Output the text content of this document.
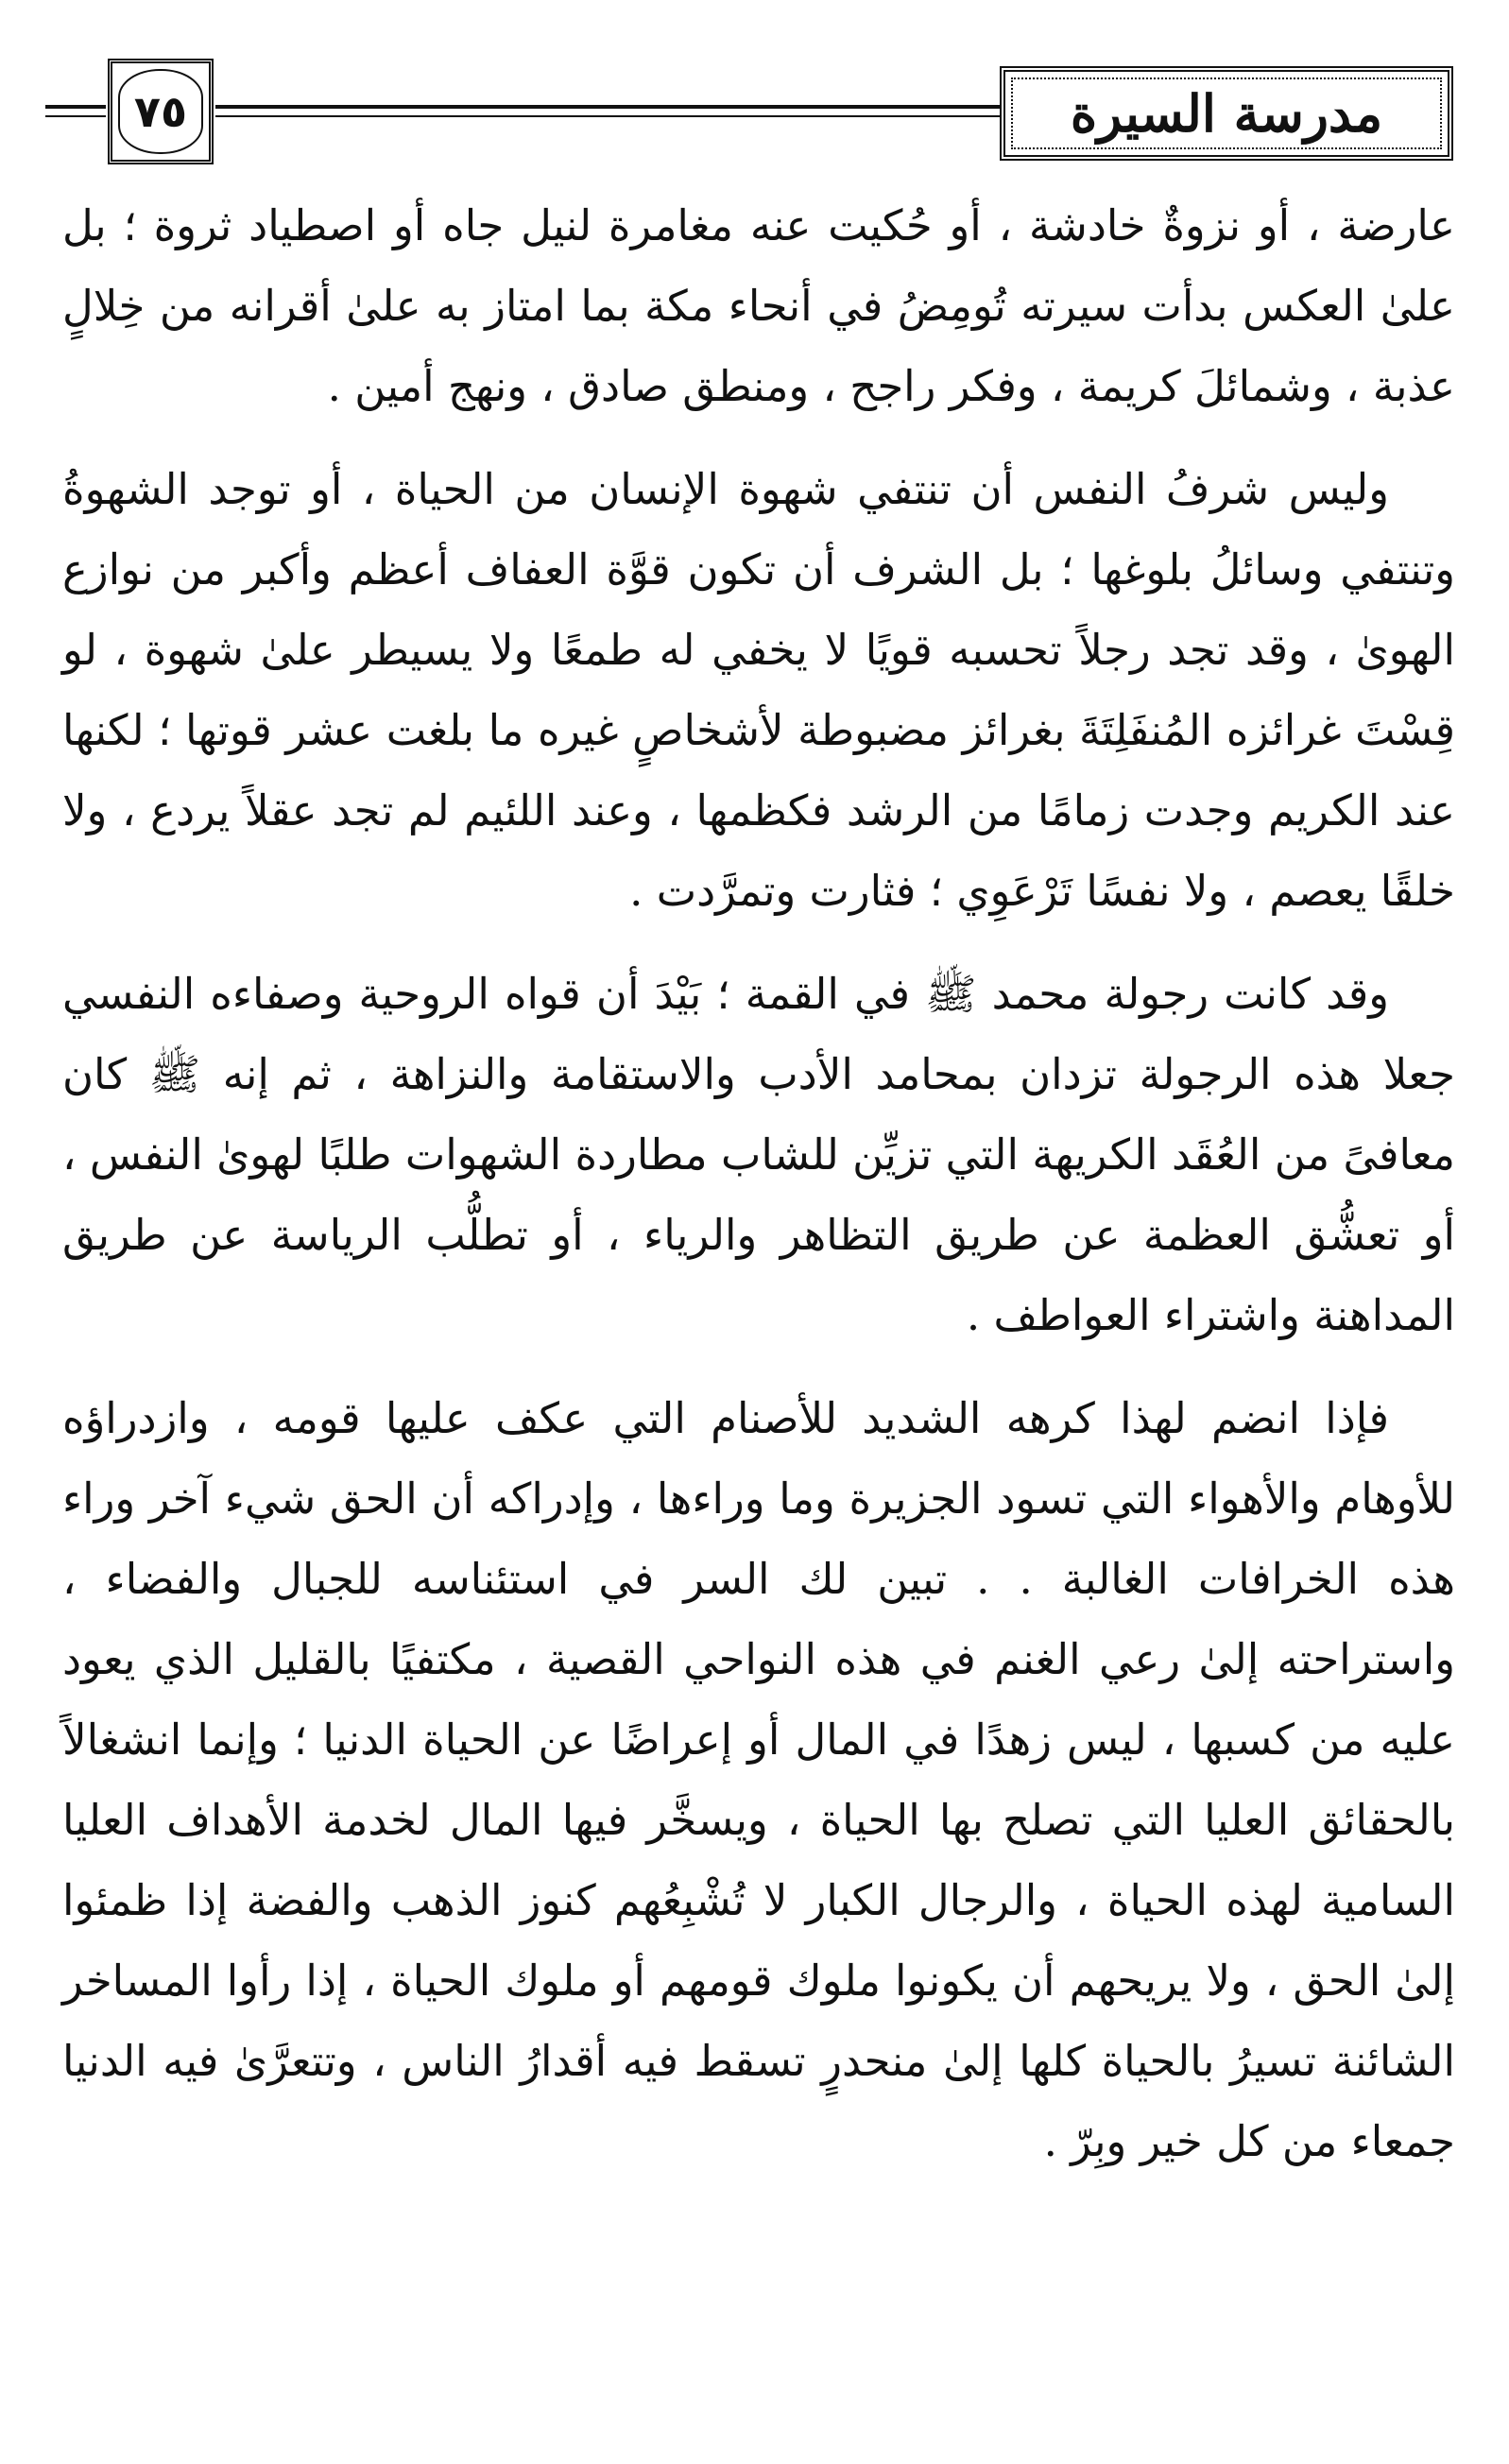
٧٥	مدرسة السيرة

عارضة ، أو نزوةٌ خادشة ، أو حُكيت عنه مغامرة لنيل جاه أو اصطياد ثروة ؛ بل علىٰ العكس بدأت سيرته تُومِضُ في أنحاء مكة بما امتاز به علىٰ أقرانه من خِلالٍ عذبة ، وشمائلَ كريمة ، وفكر راجح ، ومنطق صادق ، ونهج أمين .

وليس شرفُ النفس أن تنتفي شهوة الإنسان من الحياة ، أو توجد الشهوةُ وتنتفي وسائلُ بلوغها ؛ بل الشرف أن تكون قوَّة العفاف أعظم وأكبر من نوازع الهوىٰ ، وقد تجد رجلاً تحسبه قويًا لا يخفي له طمعًا ولا يسيطر علىٰ شهوة ، لو قِسْتَ غرائزه المُنفَلِتَةَ بغرائز مضبوطة لأشخاصٍ غيره ما بلغت عشر قوتها ؛ لكنها عند الكريم وجدت زمامًا من الرشد فكظمها ، وعند اللئيم لم تجد عقلاً يردع ، ولا خلقًا يعصم ، ولا نفسًا تَرْعَوِي ؛ فثارت وتمرَّدت .

وقد كانت رجولة محمد ﷺ في القمة ؛ بَيْدَ أن قواه الروحية وصفاءه النفسي جعلا هذه الرجولة تزدان بمحامد الأدب والاستقامة والنزاهة ، ثم إنه ﷺ كان معافىً من العُقَد الكريهة التي تزيِّن للشاب مطاردة الشهوات طلبًا لهوىٰ النفس ، أو تعشُّق العظمة عن طريق التظاهر والرياء ، أو تطلُّب الرياسة عن طريق المداهنة واشتراء العواطف .

فإذا انضم لهذا كرهه الشديد للأصنام التي عكف عليها قومه ، وازدراؤه للأوهام والأهواء التي تسود الجزيرة وما وراءها ، وإدراكه أن الحق شيء آخر وراء هذه الخرافات الغالبة . . تبين لك السر في استئناسه للجبال والفضاء ، واستراحته إلىٰ رعي الغنم في هذه النواحي القصية ، مكتفيًا بالقليل الذي يعود عليه من كسبها ، ليس زهدًا في المال أو إعراضًا عن الحياة الدنيا ؛ وإنما انشغالاً بالحقائق العليا التي تصلح بها الحياة ، ويسخَّر فيها المال لخدمة الأهداف العليا السامية لهذه الحياة ، والرجال الكبار لا تُشْبِعُهم كنوز الذهب والفضة إذا ظمئوا إلىٰ الحق ، ولا يريحهم أن يكونوا ملوك قومهم أو ملوك الحياة ، إذا رأوا المساخر الشائنة تسيرُ بالحياة كلها إلىٰ منحدرٍ تسقط فيه أقدارُ الناس ، وتتعرَّىٰ فيه الدنيا جمعاء من كل خير وبِرّ .
